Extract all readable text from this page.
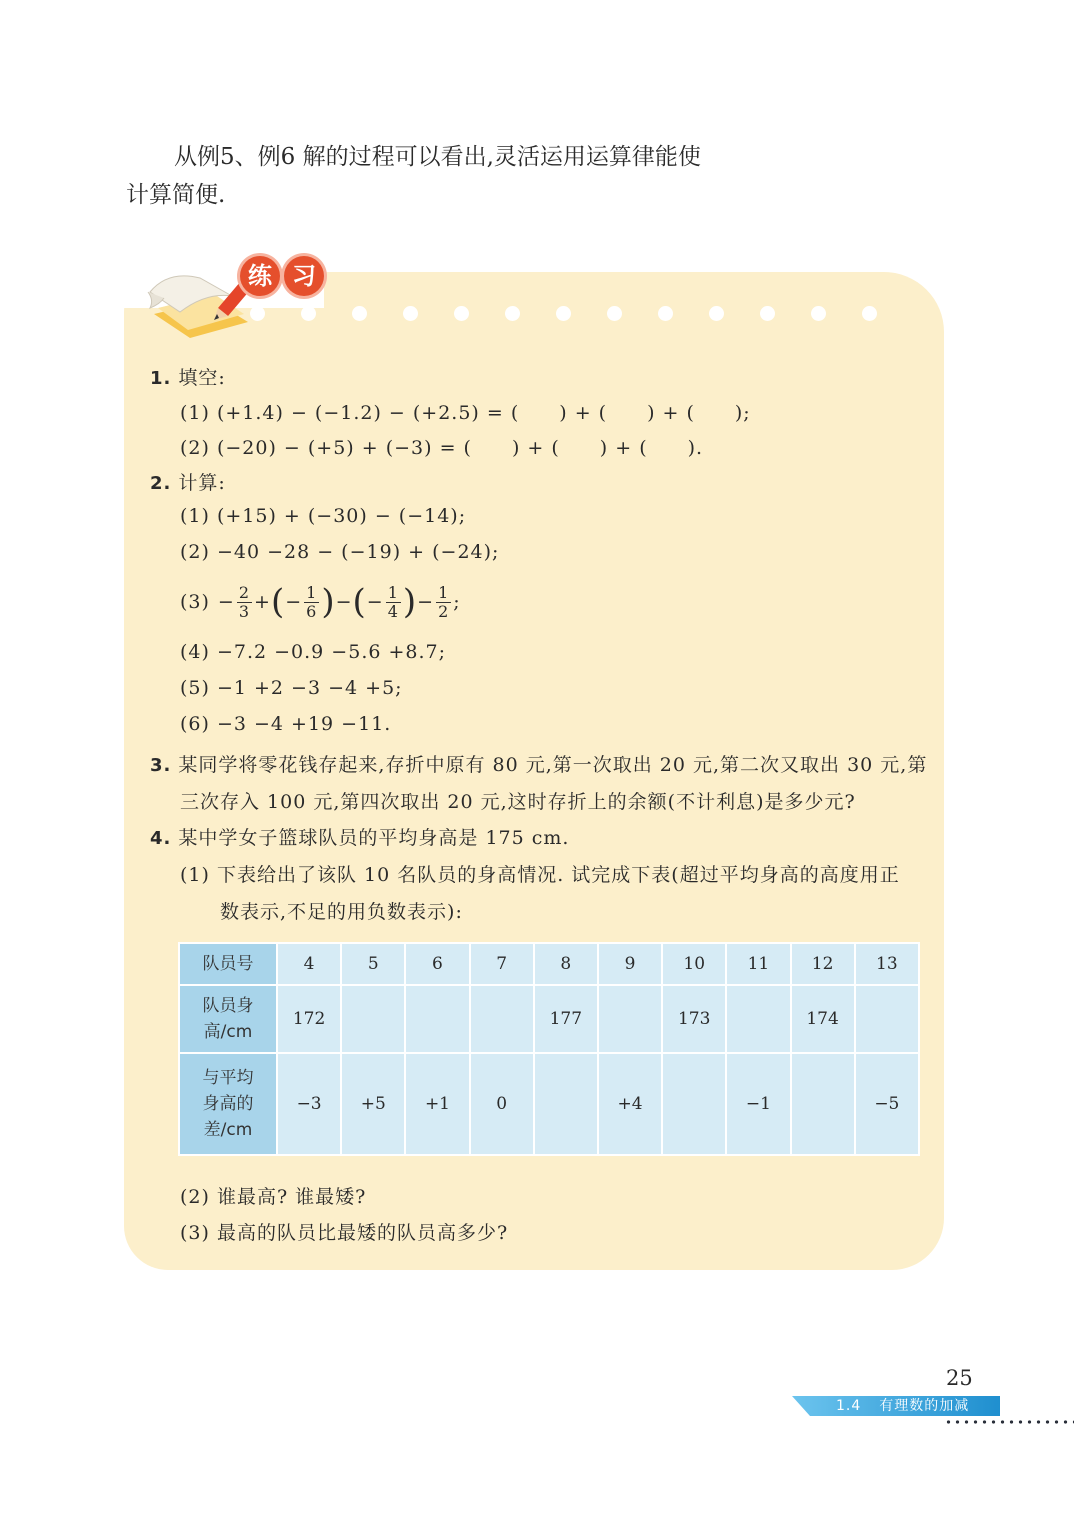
从例5、例6 解的过程可以看出,灵活运用运算律能使
计算简便.
练 习
1. 填空:
(1) (+1.4) − (−1.2) − (+2.5) = (　　) + (　　) + (　　);
(2) (−20) − (+5) + (−3) = (　　) + (　　) + (　　).
2. 计算:
(1) (+15) + (−30) − (−14);
(2) −40 −28 − (−19) + (−24);
$(3) - \frac{2}{3}$ + ( − $\frac{1}{6}$ ) − ( − $\frac{1}{4}$ ) − $\frac{1}{2}$ ;
(4) −7.2 −0.9 −5.6 +8.7;
(5) −1 +2 −3 −4 +5;
(6) −3 −4 +19 −11.
3. 某同学将零花钱存起来,存折中原有 80 元,第一次取出 20 元,第二次又取出 30 元,第
三次存入 100 元,第四次取出 20 元,这时存折上的余额(不计利息)是多少元?
4. 某中学女子篮球队员的平均身高是 175 cm.
(1) 下表给出了该队 10 名队员的身高情况. 试完成下表(超过平均身高的高度用正
数表示,不足的用负数表示):
队员号	4	5	6	7	8	9	10	11	12	13

队员身
高/cm	172				177		173		174	

与平均
身高的
差/cm	−3	+5	+1	0		+4		−1		−5
(2) 谁最高? 谁最矮?
(3) 最高的队员比最矮的队员高多少?
25
1.4 有理数的加减
